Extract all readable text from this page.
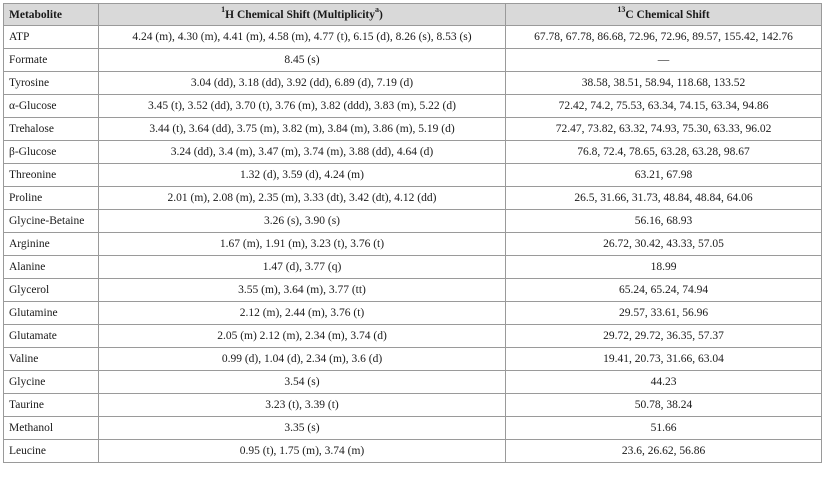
Metabolite	$^1$H Chemical Shift (Multiplicity$^a$)	$^{13}$C Chemical Shift
ATP	4.24 (m), 4.30 (m), 4.41 (m), 4.58 (m), 4.77 (t), 6.15 (d), 8.26 (s), 8.53 (s)	67.78, 67.78, 86.68, 72.96, 72.96, 89.57, 155.42, 142.76
Formate	8.45 (s)	—
Tyrosine	3.04 (dd), 3.18 (dd), 3.92 (dd), 6.89 (d), 7.19 (d)	38.58, 38.51, 58.94, 118.68, 133.52
α-Glucose	3.45 (t), 3.52 (dd), 3.70 (t), 3.76 (m), 3.82 (ddd), 3.83 (m), 5.22 (d)	72.42, 74.2, 75.53, 63.34, 74.15, 63.34, 94.86
Trehalose	3.44 (t), 3.64 (dd), 3.75 (m), 3.82 (m), 3.84 (m), 3.86 (m), 5.19 (d)	72.47, 73.82, 63.32, 74.93, 75.30, 63.33, 96.02
β-Glucose	3.24 (dd), 3.4 (m), 3.47 (m), 3.74 (m), 3.88 (dd), 4.64 (d)	76.8, 72.4, 78.65, 63.28, 63.28, 98.67
Threonine	1.32 (d), 3.59 (d), 4.24 (m)	63.21, 67.98
Proline	2.01 (m), 2.08 (m), 2.35 (m), 3.33 (dt), 3.42 (dt), 4.12 (dd)	26.5, 31.66, 31.73, 48.84, 48.84, 64.06
Glycine-Betaine	3.26 (s), 3.90 (s)	56.16, 68.93
Arginine	1.67 (m), 1.91 (m), 3.23 (t), 3.76 (t)	26.72, 30.42, 43.33, 57.05
Alanine	1.47 (d), 3.77 (q)	18.99
Glycerol	3.55 (m), 3.64 (m), 3.77 (tt)	65.24, 65.24, 74.94
Glutamine	2.12 (m), 2.44 (m), 3.76 (t)	29.57, 33.61, 56.96
Glutamate	2.05 (m) 2.12 (m), 2.34 (m), 3.74 (d)	29.72, 29.72, 36.35, 57.37
Valine	0.99 (d), 1.04 (d), 2.34 (m), 3.6 (d)	19.41, 20.73, 31.66, 63.04
Glycine	3.54 (s)	44.23
Taurine	3.23 (t), 3.39 (t)	50.78, 38.24
Methanol	3.35 (s)	51.66
Leucine	0.95 (t), 1.75 (m), 3.74 (m)	23.6, 26.62, 56.86
